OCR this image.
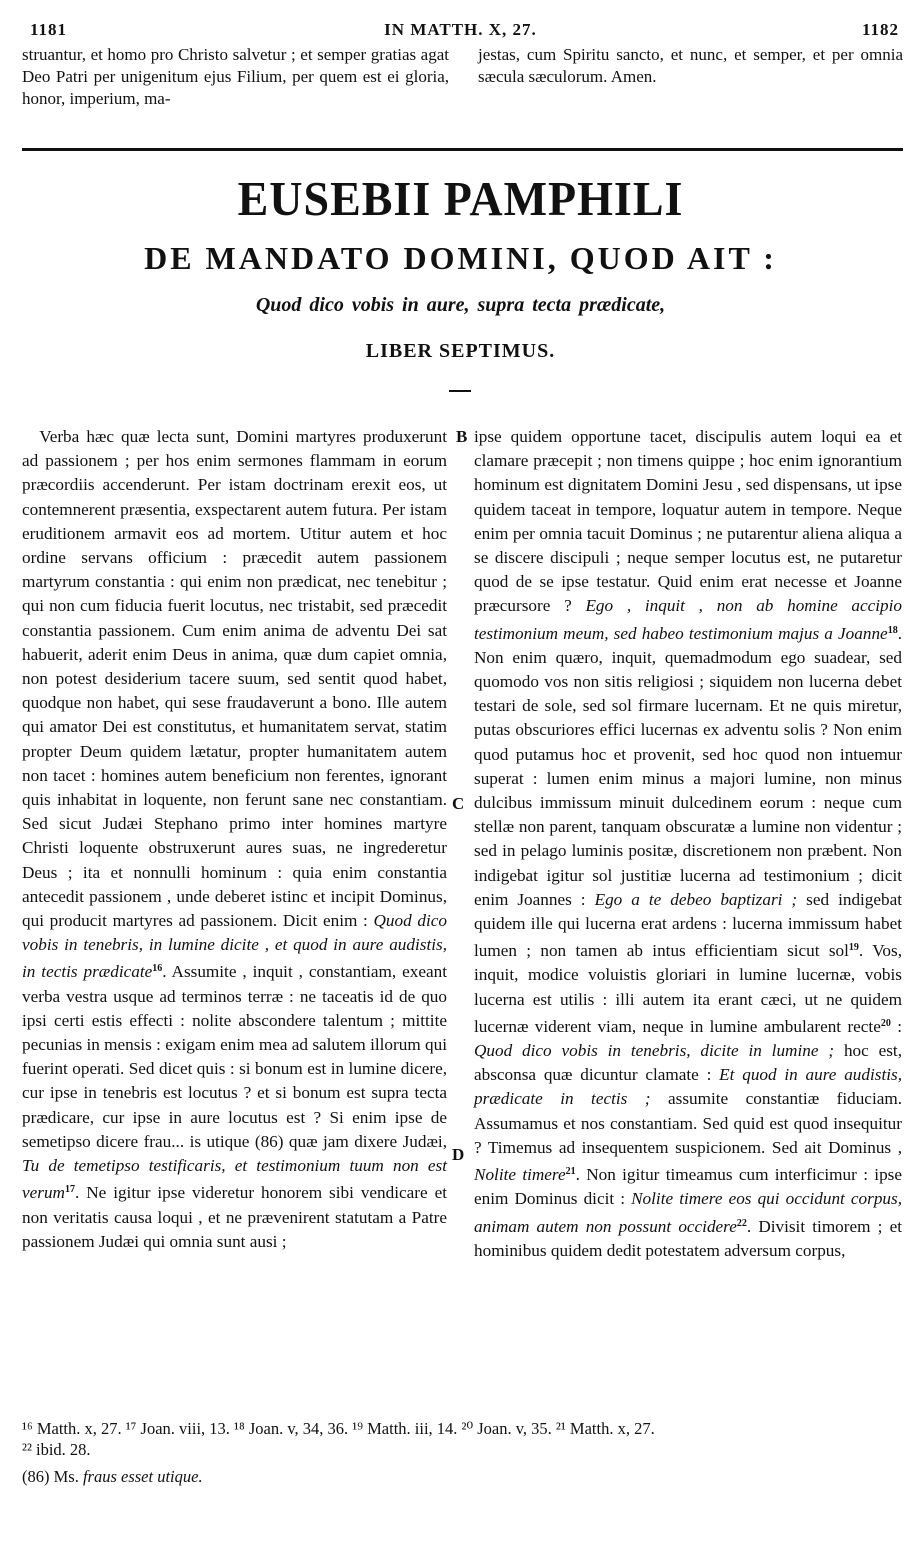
IN MATTH. X, 27.
1181	1182
struantur, et homo pro Christo salvetur ; et semper gratias agat Deo Patri per unigenitum ejus Filium, per quem est ei gloria, honor, imperium, ma-
jestas, cum Spiritu sancto, et nunc, et semper, et per omnia sæcula sæculorum. Amen.
EUSEBII PAMPHILI
DE MANDATO DOMINI, QUOD AIT :
Quod dico vobis in aure, supra tecta prædicate,
LIBER SEPTIMUS.

Verba hæc quæ lecta sunt, Domini martyres produxerunt ad passionem ; per hos enim sermones flammam in eorum præcordiis accenderunt. Per istam doctrinam erexit eos, ut contemnerent præsentia, exspectarent autem futura. Per istam eruditionem armavit eos ad mortem. Utitur autem et hoc ordine servans officium : præcedit autem passionem martyrum constantia : qui enim non prædicat, nec tenebitur ; qui non cum fiducia fuerit locutus, nec tristabit, sed præcedit constantia passionem. Cum enim anima de adventu Dei sat habuerit, aderit enim Deus in anima, quæ dum capiet omnia, non potest desiderium tacere suum, sed sentit quod habet, quodque non habet, qui sese fraudaverunt a bono. Ille autem qui amator Dei est constitutus, et humanitatem servat, statim propter Deum quidem lætatur, propter humanitatem autem non tacet : homines autem beneficium non ferentes, ignorant quis inhabitat in loquente, non ferunt sane nec constantiam. Sed sicut Judæi Stephano primo inter homines martyre Christi loquente obstruxerunt aures suas, ne ingrederetur Deus ; ita et nonnulli hominum : quia enim constantia antecedit passionem , unde deberet istinc et incipit Dominus, qui producit martyres ad passionem. Dicit enim : Quod dico vobis in tenebris, in lumine dicite , et quod in aure audistis, in tectis prædicate$^{16}$. Assumite , inquit , constantiam, exeant verba vestra usque ad terminos terræ : ne taceatis id de quo ipsi certi estis effecti : nolite abscondere talentum ; mittite pecunias in mensis : exigam enim mea ad salutem illorum qui fuerint operati. Sed dicet quis : si bonum est in lumine dicere, cur ipse in tenebris est locutus ? et si bonum est supra tecta prædicare, cur ipse in aure locutus est ? Si enim ipse de semetipso dicere frau... is utique (86) quæ jam dixere Judæi, Tu de temetipso testificaris, et testimonium tuum non est verum$^{17}$. Ne igitur ipse videretur honorem sibi vendicare et non veritatis causa loqui , et ne prævenirent statutam a Patre passionem Judæi qui omnia sunt ausi ;

B
C
D

ipse quidem opportune tacet, discipulis autem loqui ea et clamare præcepit ; non timens quippe ; hoc enim ignorantium hominum est dignitatem Domini Jesu , sed dispensans, ut ipse quidem taceat in tempore, loquatur autem in tempore. Neque enim per omnia tacuit Dominus ; ne putarentur aliena aliqua a se discere discipuli ; neque semper locutus est, ne putaretur quod de se ipse testatur. Quid enim erat necesse et Joanne præcursore ? Ego , inquit , non ab homine accipio testimonium meum, sed habeo testimonium majus a Joanne$^{18}$. Non enim quæro, inquit, quemadmodum ego suadear, sed quomodo vos non sitis religiosi ; siquidem non lucerna debet testari de sole, sed sol firmare lucernam. Et ne quis miretur, putas obscuriores effici lucernas ex adventu solis ? Non enim quod putamus hoc et provenit, sed hoc quod non intuemur superat : lumen enim minus a majori lumine, non minus dulcibus immissum minuit dulcedinem eorum : neque cum stellæ non parent, tanquam obscuratæ a lumine non videntur ; sed in pelago luminis positæ, discretionem non præbent. Non indigebat igitur sol justitiæ lucerna ad testimonium ; dicit enim Joannes : Ego a te debeo baptizari ; sed indigebat quidem ille qui lucerna erat ardens : lucerna immissum habet lumen ; non tamen ab intus efficientiam sicut sol$^{19}$. Vos, inquit, modice voluistis gloriari in lumine lucernæ, vobis lucerna est utilis : illi autem ita erant cæci, ut ne quidem lucernæ viderent viam, neque in lumine ambularent recte$^{20}$ : Quod dico vobis in tenebris, dicite in lumine ; hoc est, absconsa quæ dicuntur clamate : Et quod in aure audistis, prædicate in tectis ; assumite constantiæ fiduciam. Assumamus et nos constantiam. Sed quid est quod insequitur ? Timemus ad insequentem suspicionem. Sed ait Dominus , Nolite timere$^{21}$. Non igitur timeamus cum interficimur : ipse enim Dominus dicit : Nolite timere eos qui occidunt corpus, animam autem non possunt occidere$^{22}$. Divisit timorem ; et hominibus quidem dedit potestatem adversum corpus,

¹⁶ Matth. x, 27. ¹⁷ Joan. viii, 13. ¹⁸ Joan. v, 34, 36. ¹⁹ Matth. iii, 14. ²⁰ Joan. v, 35. ²¹ Matth. x, 27.
²² ibid. 28.
(86) Ms. fraus esset utique.
